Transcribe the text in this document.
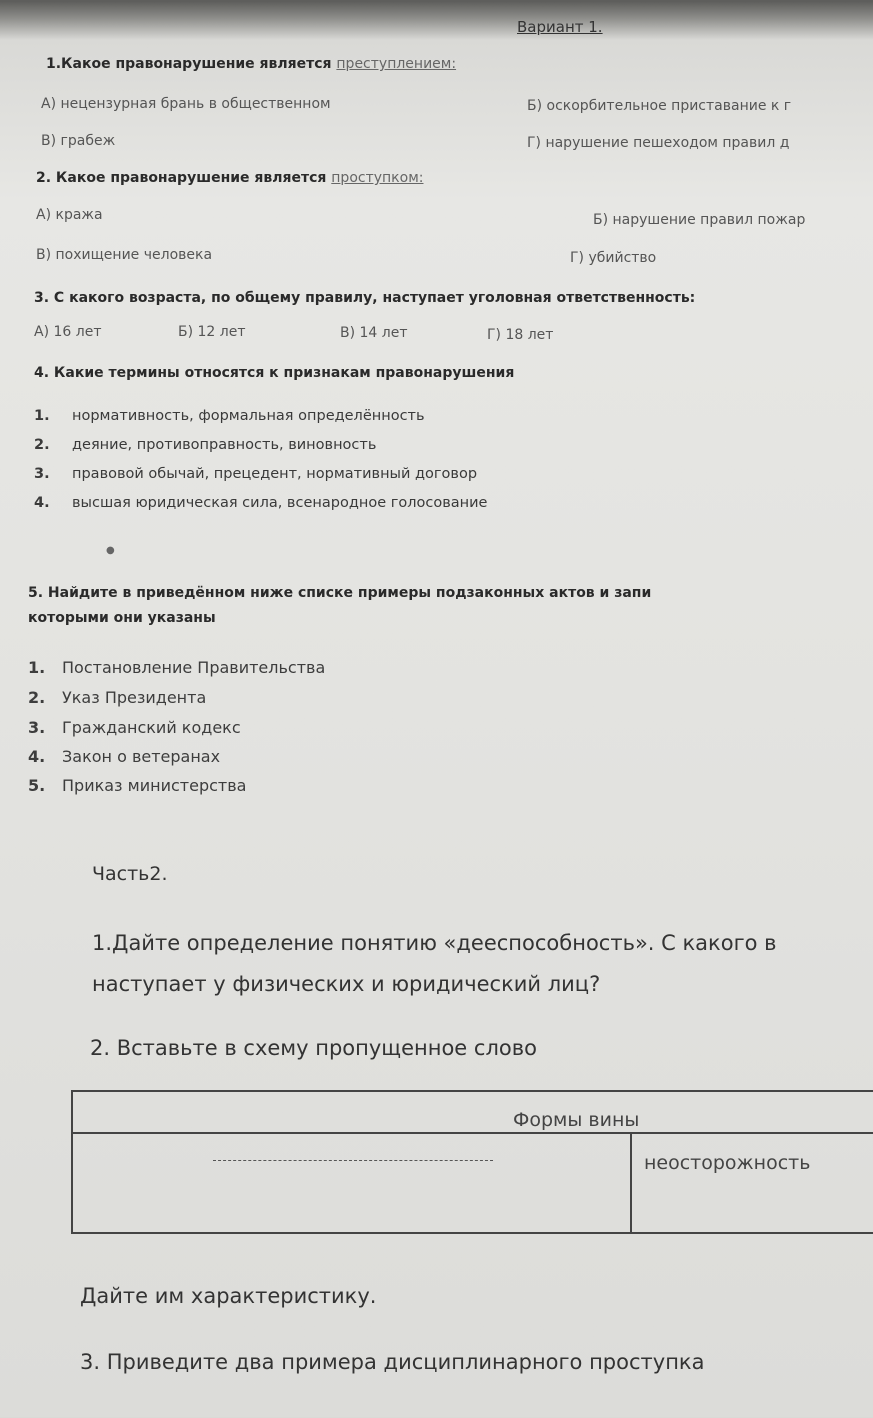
Вариант 1.
1.Какое правонарушение является преступлением:
А) нецензурная брань в общественном	Б) оскорбительное приставание к г
В) грабеж	Г) нарушение пешеходом правил д
2. Какое правонарушение является проступком:
А) кража	Б) нарушение правил пожар
В) похищение человека	Г) убийство
3. С какого возраста, по общему правилу, наступает уголовная ответственность:
А) 16 лет	Б) 12 лет	В) 14 лет	Г) 18 лет
4. Какие термины относятся к признакам правонарушения
1. нормативность, формальная определённость
2. деяние, противоправность, виновность
3. правовой обычай, прецедент, нормативный договор
4. высшая юридическая сила, всенародное голосование
●
5. Найдите в приведённом ниже списке примеры подзаконных актов и запи
которыми они указаны
1. Постановление Правительства
2. Указ Президента
3. Гражданский кодекс
4. Закон о ветеранах
5. Приказ министерства
Часть2.
1.Дайте определение понятию «дееспособность». С какого в
наступает у физических и юридический лиц?
2. Вставьте в схему пропущенное слово
Формы вины

	неосторожность
Дайте им характеристику.
3. Приведите два примера дисциплинарного проступка
